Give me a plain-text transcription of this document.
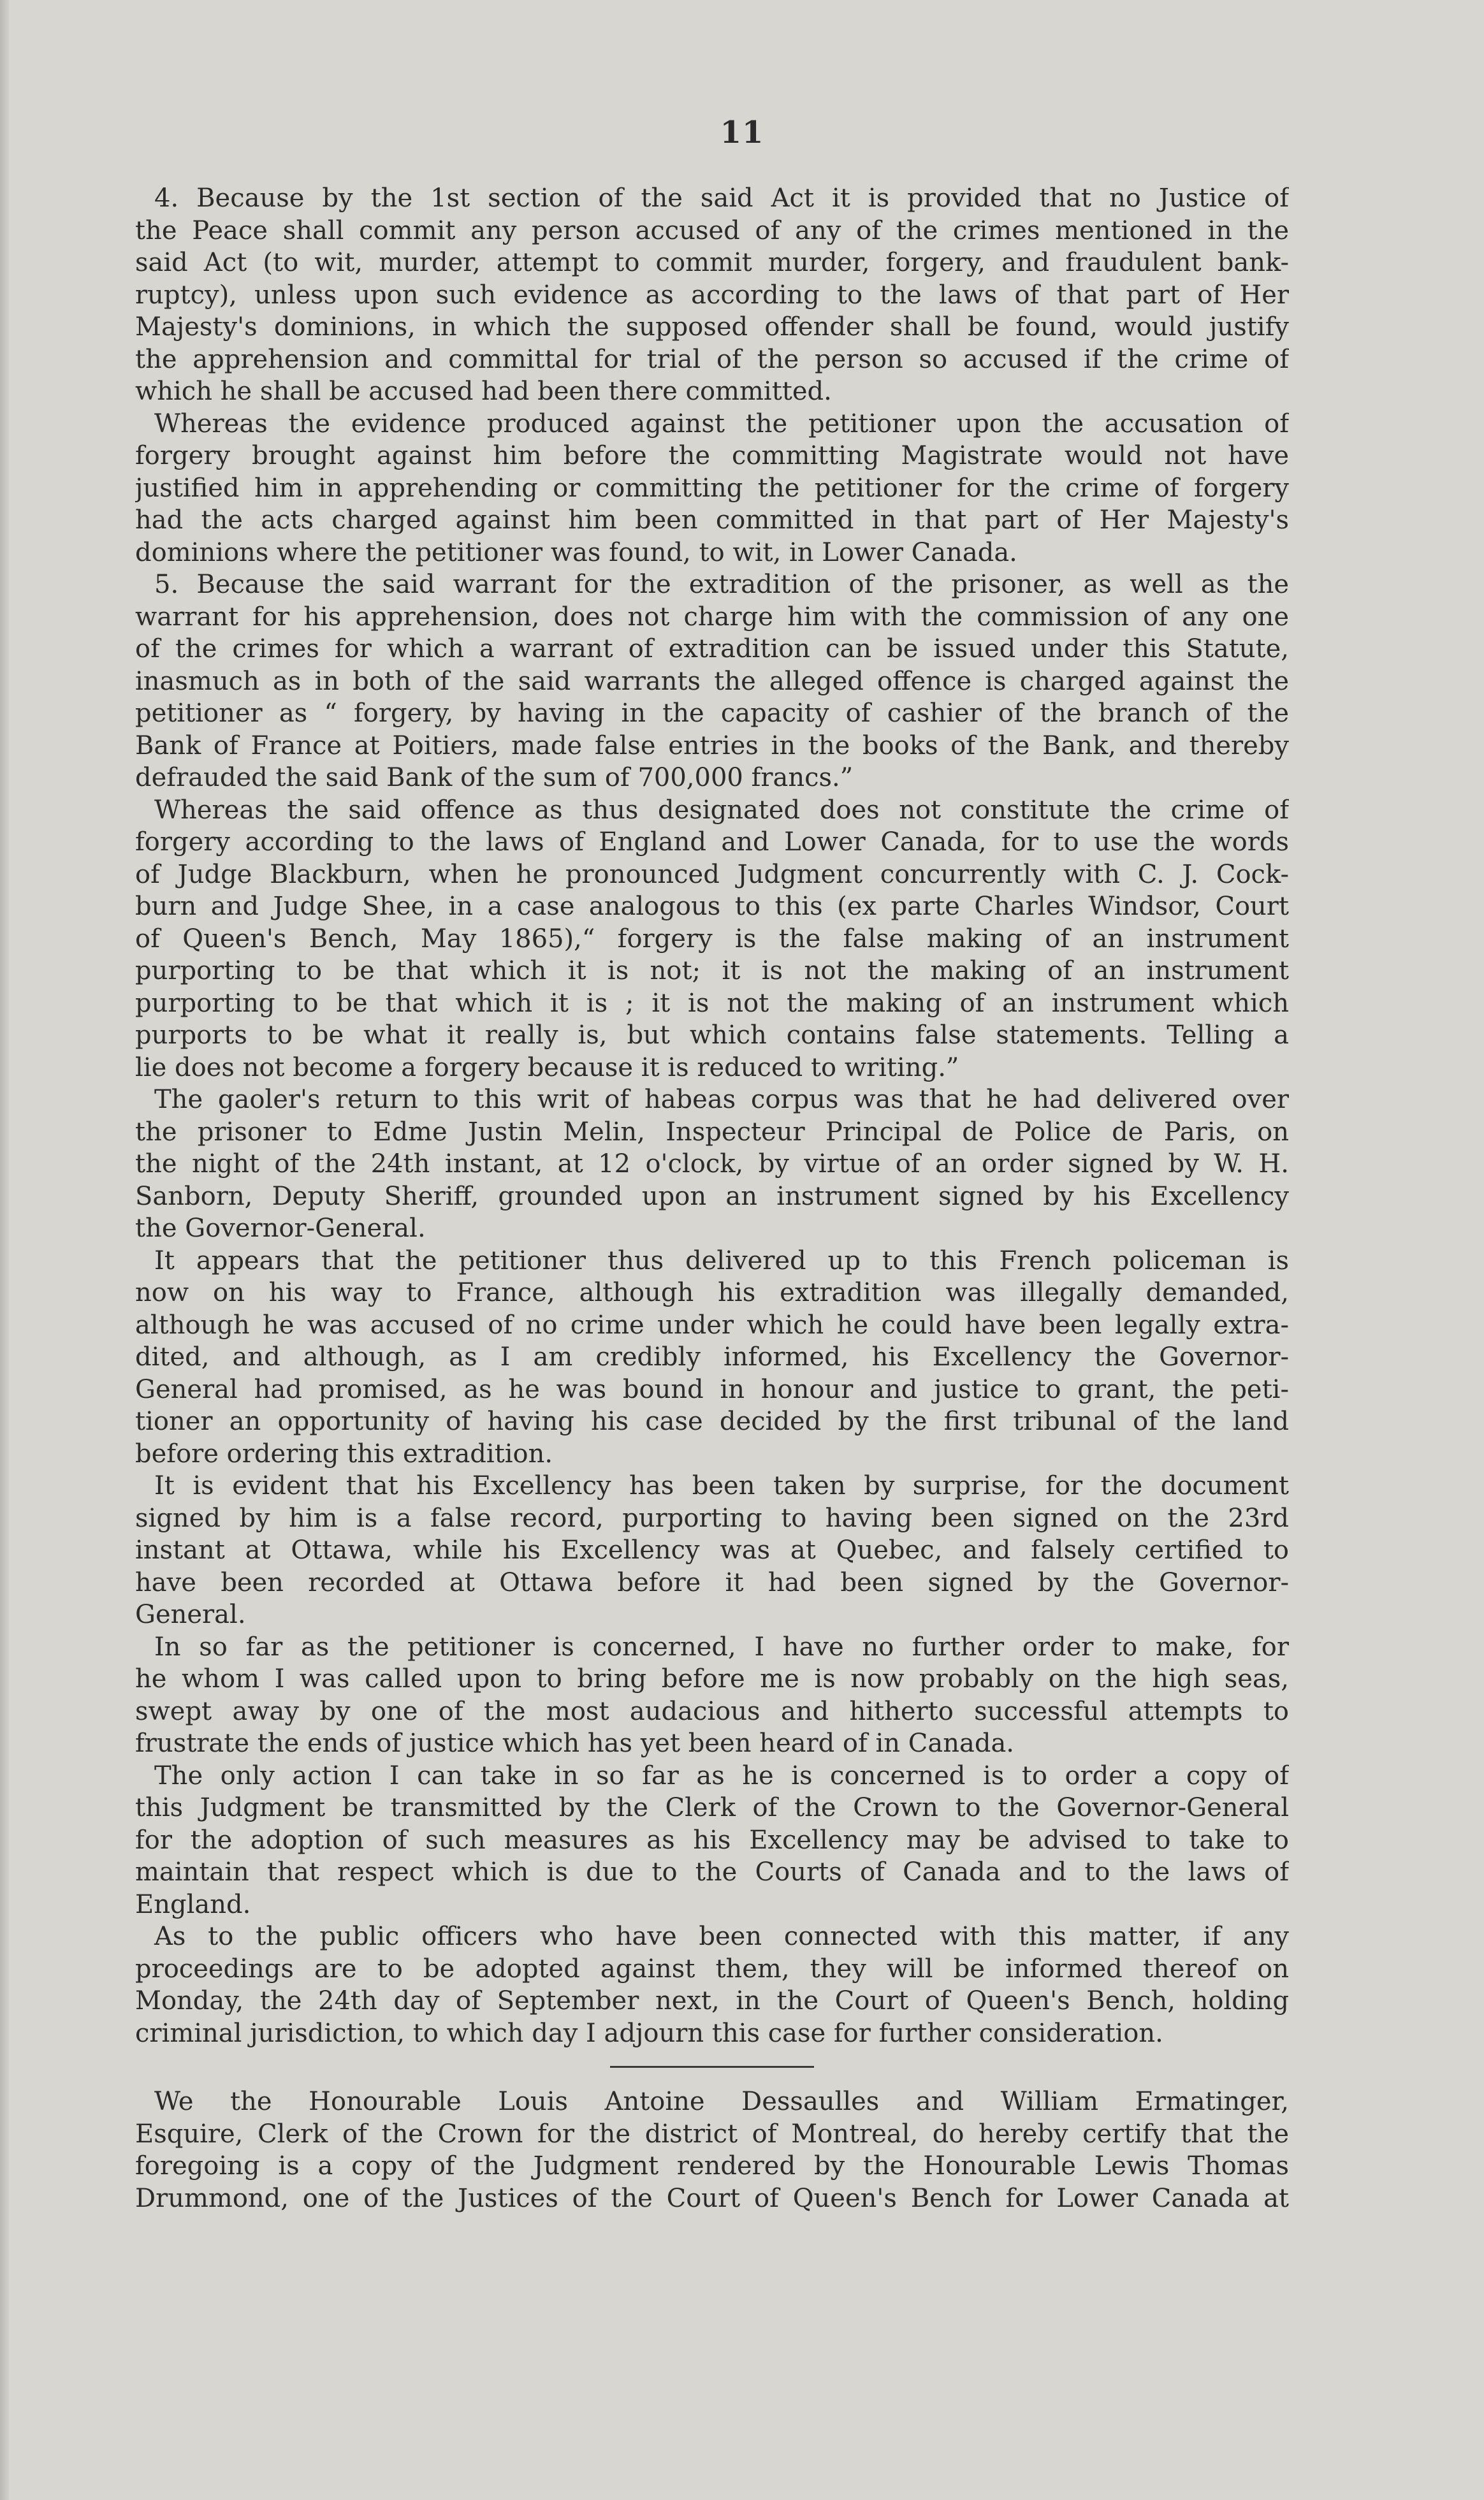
11
4. Because by the 1st section of the said Act it is provided that no Justice of
the Peace shall commit any person accused of any of the crimes mentioned in the
said Act (to wit, murder, attempt to commit murder, forgery, and fraudulent bank-
ruptcy), unless upon such evidence as according to the laws of that part of Her
Majesty's dominions, in which the supposed offender shall be found, would justify
the apprehension and committal for trial of the person so accused if the crime of
which he shall be accused had been there committed.
Whereas the evidence produced against the petitioner upon the accusation of
forgery brought against him before the committing Magistrate would not have
justified him in apprehending or committing the petitioner for the crime of forgery
had the acts charged against him been committed in that part of Her Majesty's
dominions where the petitioner was found, to wit, in Lower Canada.
5. Because the said warrant for the extradition of the prisoner, as well as the
warrant for his apprehension, does not charge him with the commission of any one
of the crimes for which a warrant of extradition can be issued under this Statute,
inasmuch as in both of the said warrants the alleged offence is charged against the
petitioner as “ forgery, by having in the capacity of cashier of the branch of the
Bank of France at Poitiers, made false entries in the books of the Bank, and thereby
defrauded the said Bank of the sum of 700,000 francs.”
Whereas the said offence as thus designated does not constitute the crime of
forgery according to the laws of England and Lower Canada, for to use the words
of Judge Blackburn, when he pronounced Judgment concurrently with C. J. Cock-
burn and Judge Shee, in a case analogous to this (ex parte Charles Windsor, Court
of Queen's Bench, May 1865),“ forgery is the false making of an instrument
purporting to be that which it is not; it is not the making of an instrument
purporting to be that which it is ; it is not the making of an instrument which
purports to be what it really is, but which contains false statements. Telling a
lie does not become a forgery because it is reduced to writing.”
The gaoler's return to this writ of habeas corpus was that he had delivered over
the prisoner to Edme Justin Melin, Inspecteur Principal de Police de Paris, on
the night of the 24th instant, at 12 o'clock, by virtue of an order signed by W. H.
Sanborn, Deputy Sheriff, grounded upon an instrument signed by his Excellency
the Governor-General.
It appears that the petitioner thus delivered up to this French policeman is
now on his way to France, although his extradition was illegally demanded,
although he was accused of no crime under which he could have been legally extra-
dited, and although, as I am credibly informed, his Excellency the Governor-
General had promised, as he was bound in honour and justice to grant, the peti-
tioner an opportunity of having his case decided by the first tribunal of the land
before ordering this extradition.
It is evident that his Excellency has been taken by surprise, for the document
signed by him is a false record, purporting to having been signed on the 23rd
instant at Ottawa, while his Excellency was at Quebec, and falsely certified to
have been recorded at Ottawa before it had been signed by the Governor-
General.
In so far as the petitioner is concerned, I have no further order to make, for
he whom I was called upon to bring before me is now probably on the high seas,
swept away by one of the most audacious and hitherto successful attempts to
frustrate the ends of justice which has yet been heard of in Canada.
The only action I can take in so far as he is concerned is to order a copy of
this Judgment be transmitted by the Clerk of the Crown to the Governor-General
for the adoption of such measures as his Excellency may be advised to take to
maintain that respect which is due to the Courts of Canada and to the laws of
England.
As to the public officers who have been connected with this matter, if any
proceedings are to be adopted against them, they will be informed thereof on
Monday, the 24th day of September next, in the Court of Queen's Bench, holding
criminal jurisdiction, to which day I adjourn this case for further consideration.
We the Honourable Louis Antoine Dessaulles and William Ermatinger,
Esquire, Clerk of the Crown for the district of Montreal, do hereby certify that the
foregoing is a copy of the Judgment rendered by the Honourable Lewis Thomas
Drummond, one of the Justices of the Court of Queen's Bench for Lower Canada at
